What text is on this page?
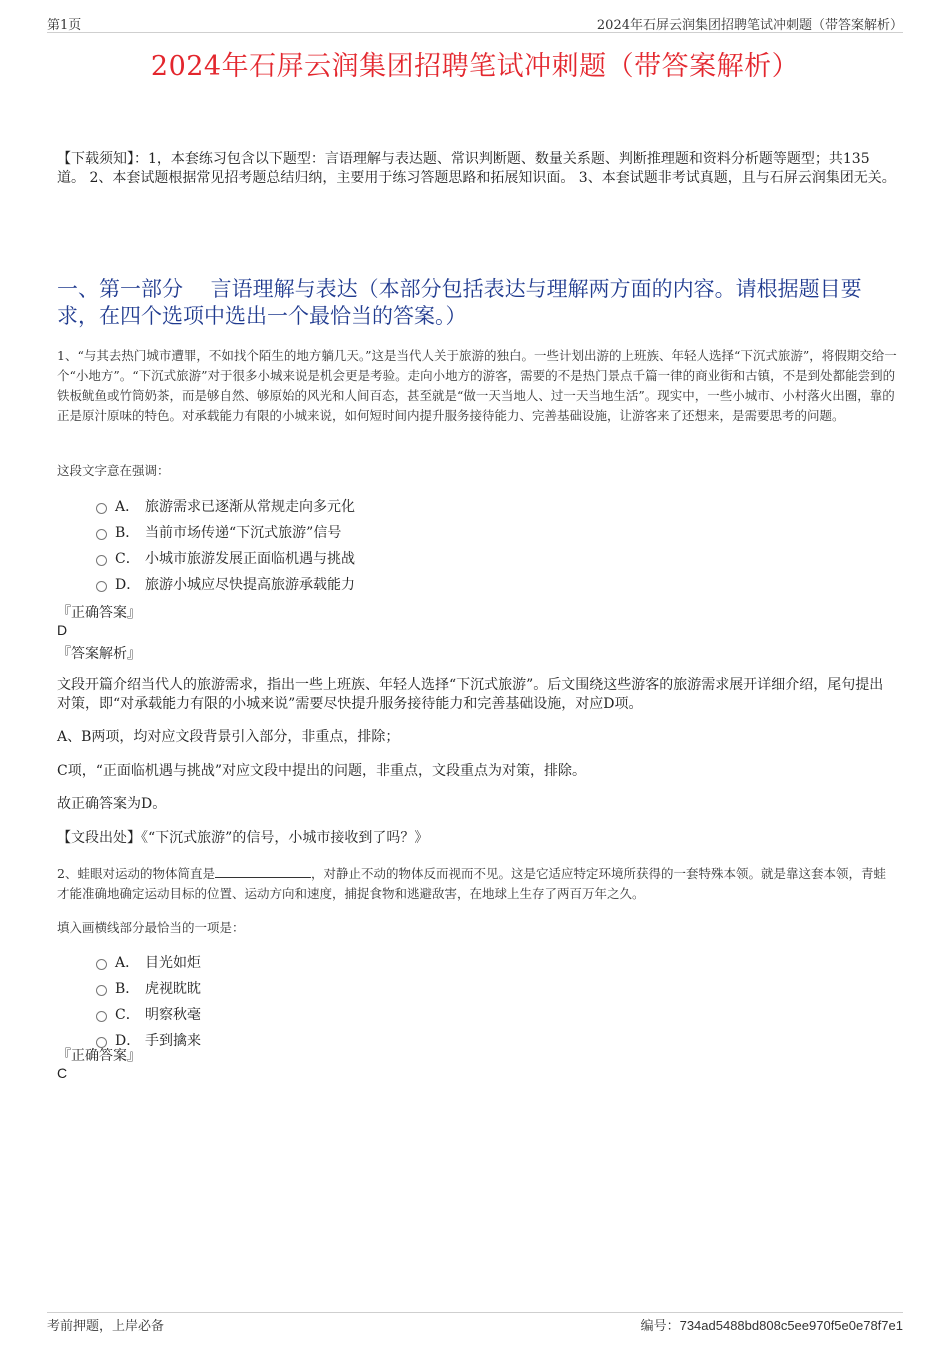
第1页	2024年石屏云润集团招聘笔试冲刺题（带答案解析）
2024年石屏云润集团招聘笔试冲刺题（带答案解析）
【下载须知】：1，本套练习包含以下题型：言语理解与表达题、常识判断题、数量关系题、判断推理题和资料分析题等题型；共135道。 2、本套试题根据常见招考题总结归纳，主要用于练习答题思路和拓展知识面。 3、本套试题非考试真题，且与石屏云润集团无关。
一、第一部分　 言语理解与表达（本部分包括表达与理解两方面的内容。请根据题目要求，在四个选项中选出一个最恰当的答案。）
1、“与其去热门城市遭罪，不如找个陌生的地方躺几天。”这是当代人关于旅游的独白。一些计划出游的上班族、年轻人选择“下沉式旅游”，将假期交给一个“小地方”。“下沉式旅游”对于很多小城来说是机会更是考验。走向小地方的游客，需要的不是热门景点千篇一律的商业街和古镇，不是到处都能尝到的铁板鱿鱼或竹筒奶茶，而是够自然、够原始的风光和人间百态，甚至就是“做一天当地人、过一天当地生活”。现实中，一些小城市、小村落火出圈，靠的正是原汁原味的特色。对承载能力有限的小城来说，如何短时间内提升服务接待能力、完善基础设施，让游客来了还想来，是需要思考的问题。
这段文字意在强调：
A． 旅游需求已逐渐从常规走向多元化
B． 当前市场传递“下沉式旅游”信号
C． 小城市旅游发展正面临机遇与挑战
D． 旅游小城应尽快提高旅游承载能力
『正确答案』
D
『答案解析』
文段开篇介绍当代人的旅游需求，指出一些上班族、年轻人选择“下沉式旅游”。后文围绕这些游客的旅游需求展开详细介绍，尾句提出对策，即“对承载能力有限的小城来说”需要尽快提升服务接待能力和完善基础设施，对应D项。
A、B两项，均对应文段背景引入部分，非重点，排除；
C项，“正面临机遇与挑战”对应文段中提出的问题，非重点，文段重点为对策，排除。
故正确答案为D。
【文段出处】《“下沉式旅游”的信号，小城市接收到了吗？》
2、蛙眼对运动的物体简直是	，对静止不动的物体反而视而不见。这是它适应特定环境所获得的一套特殊本领。就是靠这套本领，青蛙才能准确地确定运动目标的位置、运动方向和速度，捕捉食物和逃避敌害，在地球上生存了两百万年之久。
填入画横线部分最恰当的一项是：
A． 目光如炬
B． 虎视眈眈
C． 明察秋毫
D． 手到擒来
『正确答案』
C
考前押题，上岸必备	编号：734ad5488bd808c5ee970f5e0e78f7e1
